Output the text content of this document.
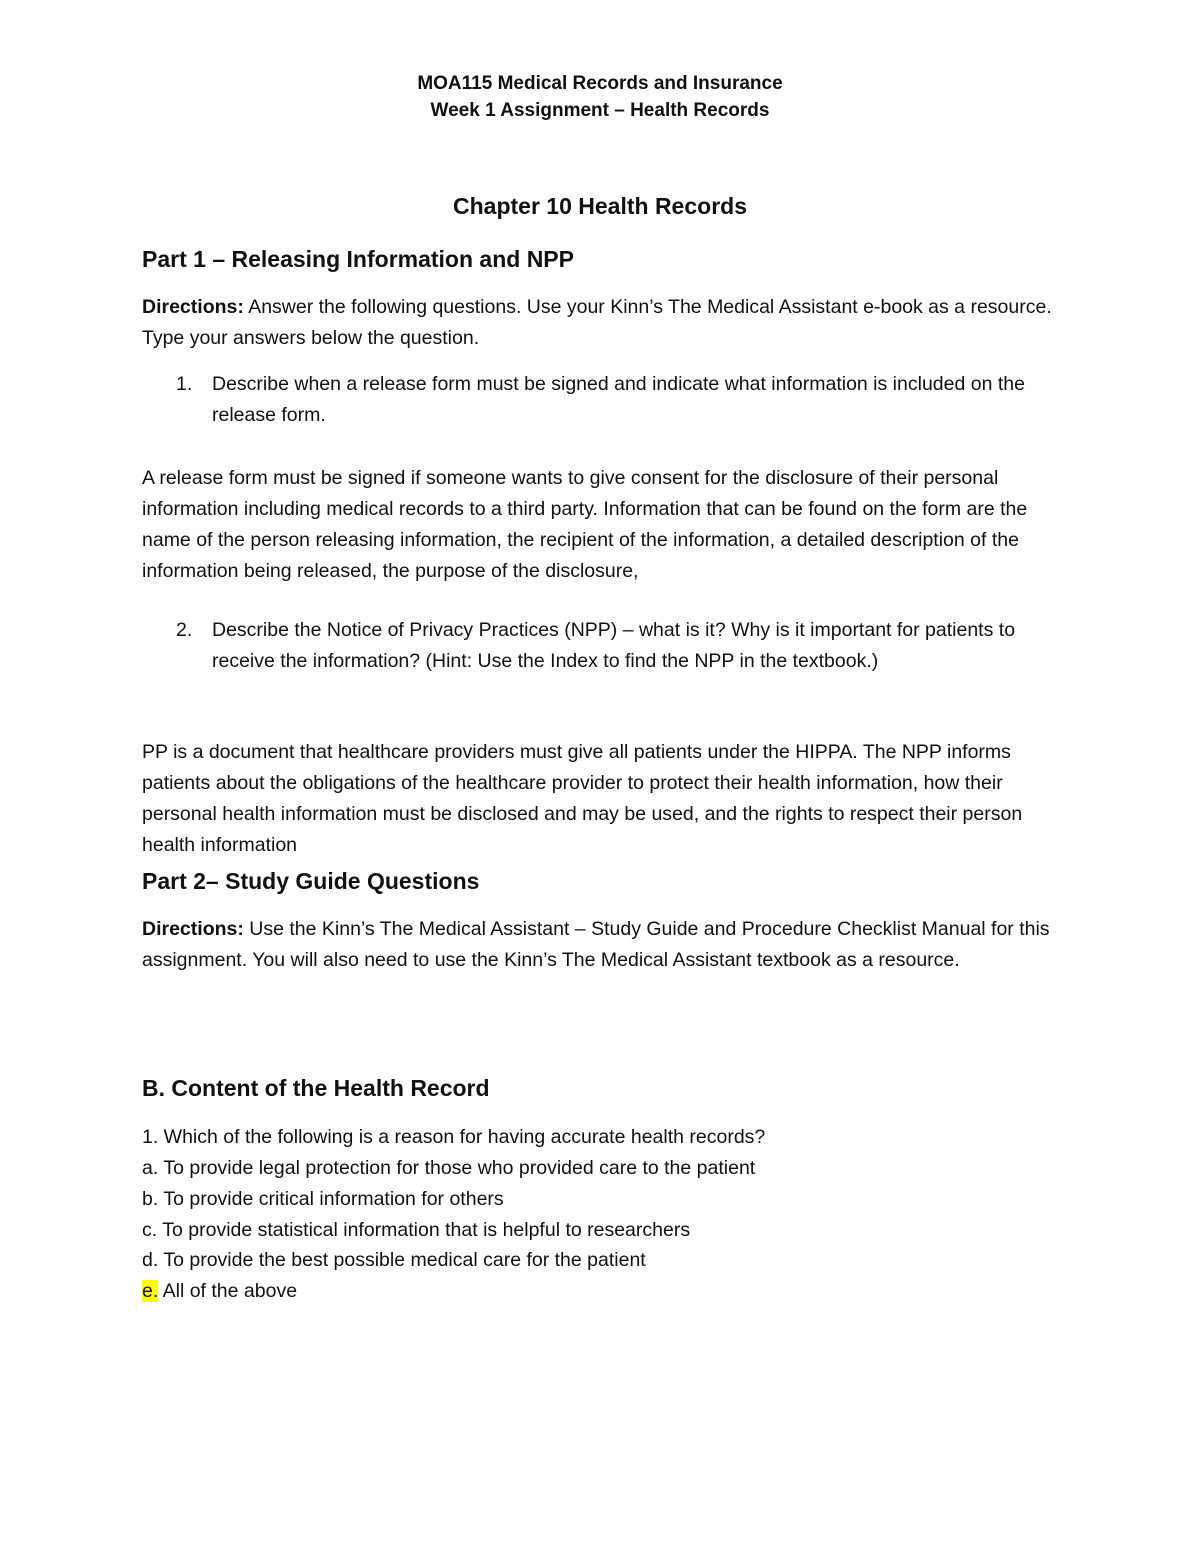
MOA115 Medical Records and Insurance
Week 1 Assignment – Health Records
Chapter 10 Health Records
Part 1 – Releasing Information and NPP
Directions: Answer the following questions. Use your Kinn’s The Medical Assistant e-book as a resource. Type your answers below the question.
1. Describe when a release form must be signed and indicate what information is included on the release form.
A release form must be signed if someone wants to give consent for the disclosure of their personal information including medical records to a third party. Information that can be found on the form are the name of the person releasing information, the recipient of the information, a detailed description of the information being released, the purpose of the disclosure,
2. Describe the Notice of Privacy Practices (NPP) – what is it? Why is it important for patients to receive the information? (Hint: Use the Index to find the NPP in the textbook.)
PP is a document that healthcare providers must give all patients under the HIPPA. The NPP informs patients about the obligations of the healthcare provider to protect their health information, how their personal health information must be disclosed and may be used, and the rights to respect their person health information
Part 2– Study Guide Questions
Directions: Use the Kinn’s The Medical Assistant – Study Guide and Procedure Checklist Manual for this assignment. You will also need to use the Kinn’s The Medical Assistant textbook as a resource.
B. Content of the Health Record
1. Which of the following is a reason for having accurate health records?
a. To provide legal protection for those who provided care to the patient
b. To provide critical information for others
c. To provide statistical information that is helpful to researchers
d. To provide the best possible medical care for the patient
e. All of the above
